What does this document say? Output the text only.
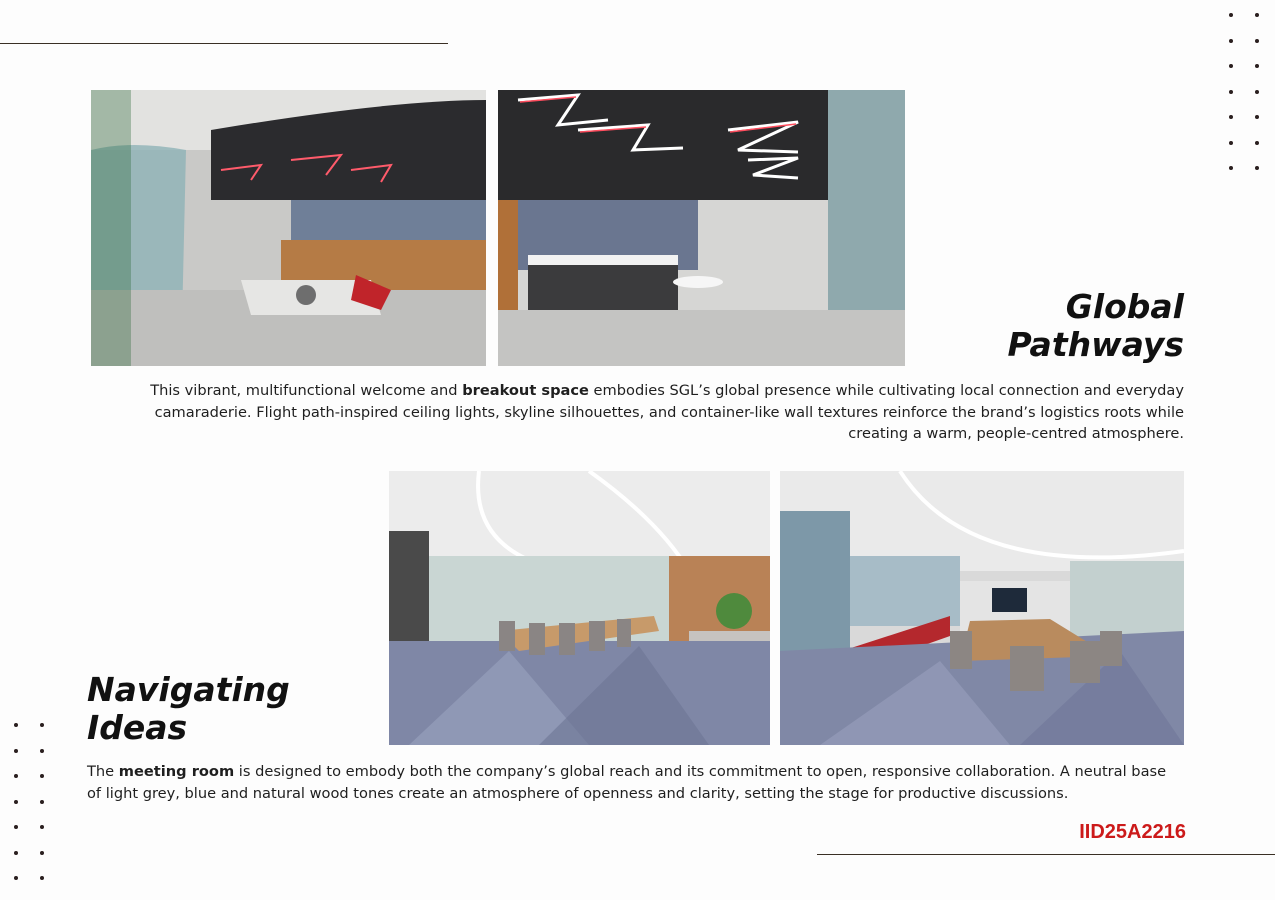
Global
Pathways

This vibrant, multifunctional welcome and breakout space embodies SGL’s global presence while cultivating local connection and everyday camaraderie. Flight path-inspired ceiling lights, skyline silhouettes, and container-like wall textures reinforce the brand’s logistics roots while creating a warm, people-centred atmosphere.

Navigating
Ideas

The meeting room is designed to embody both the company’s global reach and its commitment to open, responsive collaboration. A neutral base of light grey, blue and natural wood tones create an atmosphere of openness and clarity, setting the stage for productive discussions.

IID25A2216
